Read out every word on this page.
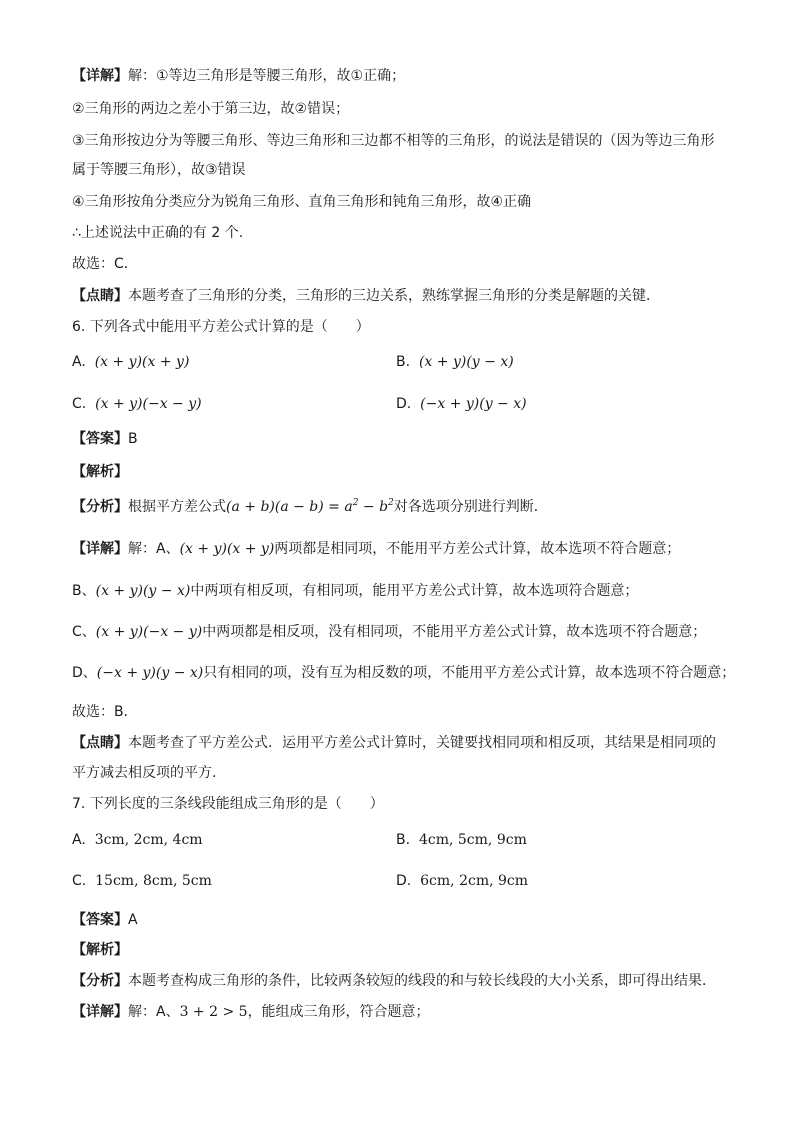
【详解】解：①等边三角形是等腰三角形，故①正确；
②三角形的两边之差小于第三边，故②错误；
③三角形按边分为等腰三角形、等边三角形和三边都不相等的三角形，的说法是错误的（因为等边三角形
属于等腰三角形），故③错误
④三角形按角分类应分为锐角三角形、直角三角形和钝角三角形，故④正确
∴上述说法中正确的有 2 个.
故选：C．
【点睛】本题考查了三角形的分类，三角形的三边关系，熟练掌握三角形的分类是解题的关键．
6. 下列各式中能用平方差公式计算的是（　　）
A. (x + y)(x + y)	B. (x + y)(y − x)
C. (x + y)(−x − y)	D. (−x + y)(y − x)
【答案】B
【解析】
【分析】根据平方差公式$(a + b)(a - b) = a^2 - b^2$对各选项分别进行判断．
【详解】解：A、(x + y)(x + y)两项都是相同项，不能用平方差公式计算，故本选项不符合题意；
B、(x + y)(y − x)中两项有相反项，有相同项，能用平方差公式计算，故本选项符合题意；
C、(x + y)(−x − y)中两项都是相反项，没有相同项，不能用平方差公式计算，故本选项不符合题意；
D、(−x + y)(y − x)只有相同的项，没有互为相反数的项，不能用平方差公式计算，故本选项不符合题意；
故选：B．
【点睛】本题考查了平方差公式．运用平方差公式计算时，关键要找相同项和相反项，其结果是相同项的
平方减去相反项的平方．
7. 下列长度的三条线段能组成三角形的是（　　）
A. 3cm, 2cm, 4cm	B. 4cm, 5cm, 9cm
C. 15cm, 8cm, 5cm	D. 6cm, 2cm, 9cm
【答案】A
【解析】
【分析】本题考查构成三角形的条件，比较两条较短的线段的和与较长线段的大小关系，即可得出结果．
【详解】解：A、3 + 2 > 5，能组成三角形，符合题意；
